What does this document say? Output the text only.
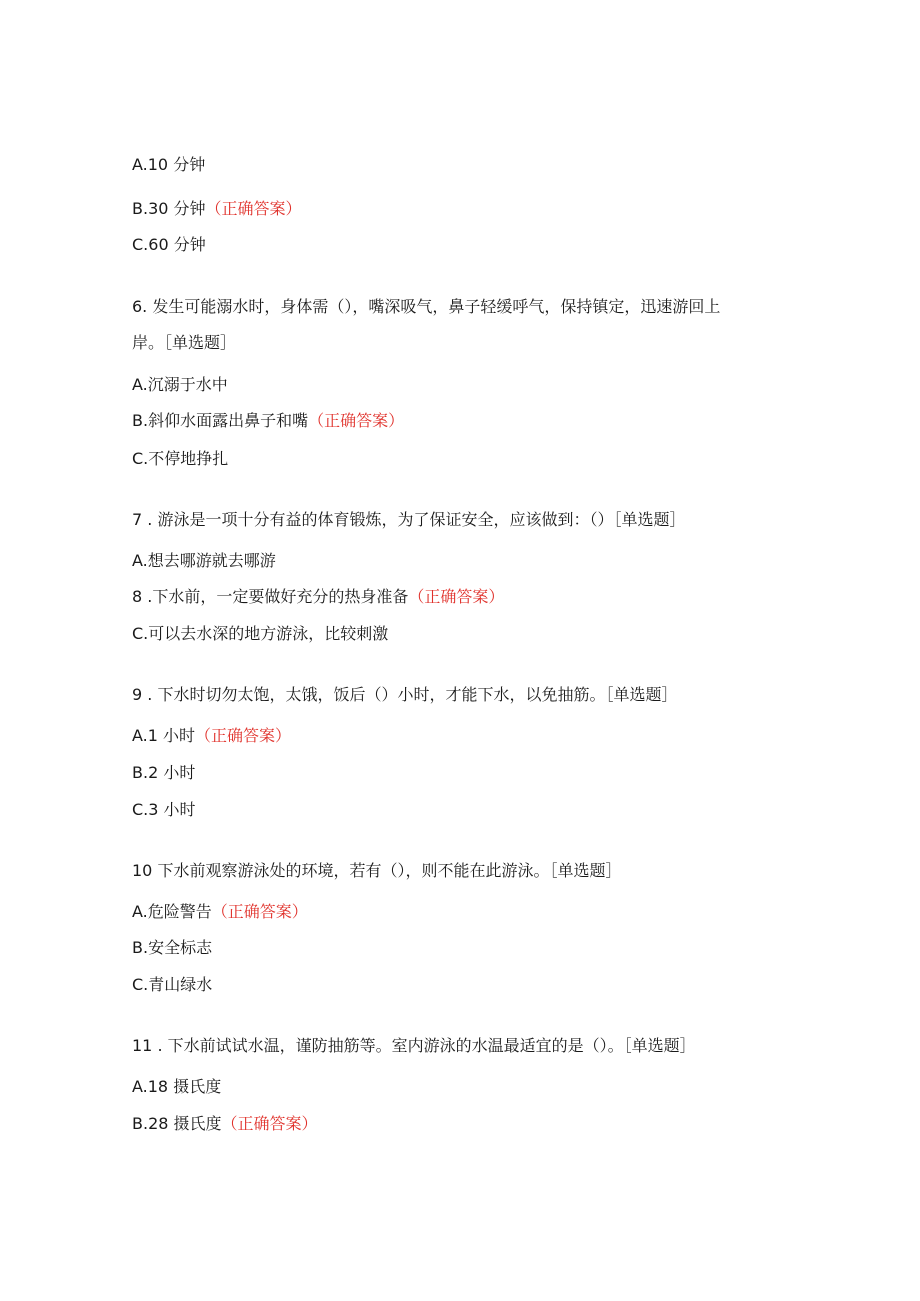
A.10 分钟
B.30 分钟（正确答案）
C.60 分钟
6. 发生可能溺水时，身体需（），嘴深吸气，鼻子轻缓呼气，保持镇定，迅速游回上
岸。［单选题］
A.沉溺于水中
B.斜仰水面露出鼻子和嘴（正确答案）
C.不停地挣扎
7 . 游泳是一项十分有益的体育锻炼，为了保证安全，应该做到：（）［单选题］
A.想去哪游就去哪游
8 .下水前，一定要做好充分的热身准备（正确答案）
C.可以去水深的地方游泳，比较刺激
9 . 下水时切勿太饱，太饿，饭后（）小时，才能下水，以免抽筋。［单选题］
A.1 小时（正确答案）
B.2 小时
C.3 小时
10 下水前观察游泳处的环境，若有（），则不能在此游泳。［单选题］
A.危险警告（正确答案）
B.安全标志
C.青山绿水
11 . 下水前试试水温，谨防抽筋等。室内游泳的水温最适宜的是（）。［单选题］
A.18 摄氏度
B.28 摄氏度（正确答案）
